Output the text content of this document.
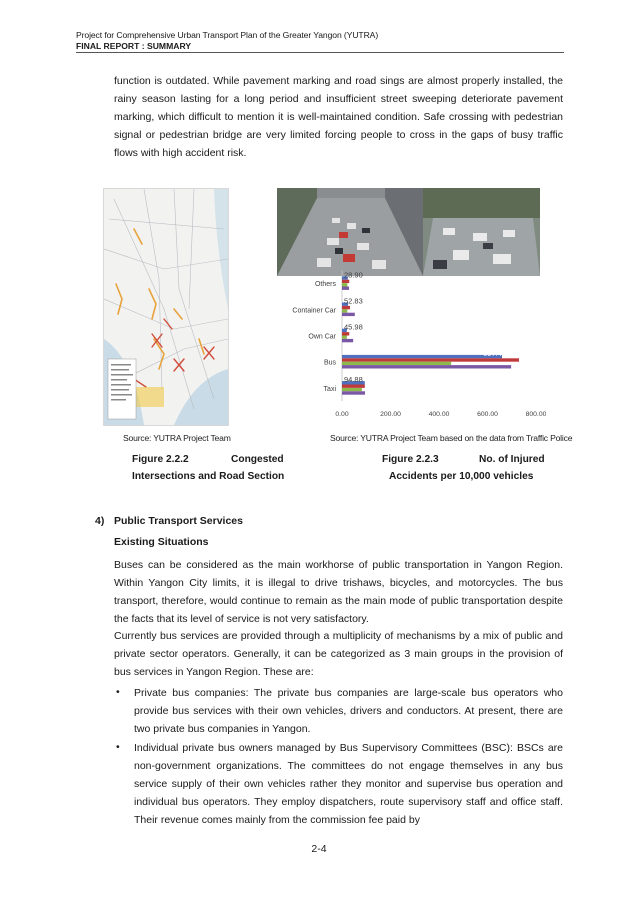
Project for Comprehensive Urban Transport Plan of the Greater Yangon (YUTRA)
FINAL REPORT : SUMMARY
function is outdated. While pavement marking and road sings are almost properly installed, the rainy season lasting for a long period and insufficient street sweeping deteriorate pavement marking, which difficult to mention it is well-maintained condition. Safe crossing with pedestrian signal or pedestrian bridge are very limited forcing people to cross in the gaps of busy traffic flows with high accident risk.
Taxi
94.88
Bus
697.46
Own Car
45.98
Container Car
52.83
Others
28.90
0.00	200.00	400.00	600.00	800.00
Source: YUTRA Project Team	Source: YUTRA Project Team based on the data from Traffic Police
Figure 2.2.2	Congested
Intersections and Road Section
Figure 2.2.3	No. of Injured
Accidents per 10,000 vehicles
4) Public Transport Services
Existing Situations
Buses can be considered as the main workhorse of public transportation in Yangon Region. Within Yangon City limits, it is illegal to drive trishaws, bicycles, and motorcycles. The bus transport, therefore, would continue to remain as the main mode of public transportation despite the facts that its level of service is not very satisfactory.
Currently bus services are provided through a multiplicity of mechanisms by a mix of public and private sector operators. Generally, it can be categorized as 3 main groups in the provision of bus services in Yangon Region. These are:
• Private bus companies: The private bus companies are large-scale bus operators who provide bus services with their own vehicles, drivers and conductors. At present, there are two private bus companies in Yangon.
• Individual private bus owners managed by Bus Supervisory Committees (BSC): BSCs are non-government organizations. The committees do not engage themselves in any bus service supply of their own vehicles rather they monitor and supervise bus operation and individual bus operators. They employ dispatchers, route supervisory staff and office staff. Their revenue comes mainly from the commission fee paid by
2-4
